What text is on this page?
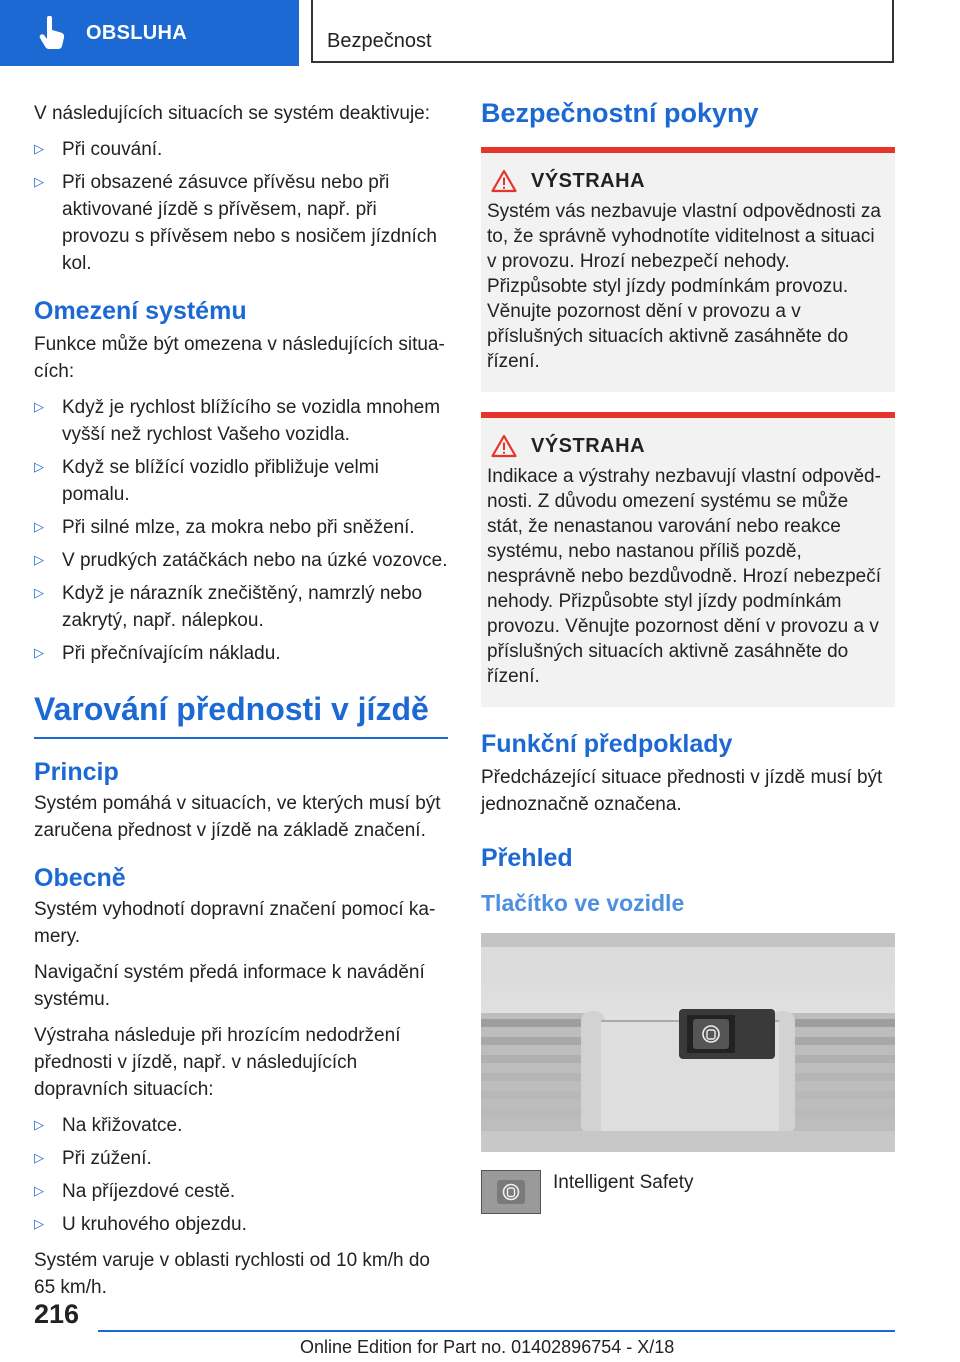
OBSLUHA	Bezpečnost

V následujících situacích se systém deaktivuje:

▷ Při couvání.
▷ Při obsazené zásuvce přívěsu nebo při aktivované jízdě s přívěsem, např. při provozu s přívěsem nebo s nosičem jízdních kol.

Omezení systému

Funkce může být omezena v následujících situacích:

▷ Když je rychlost blížícího se vozidla mnohem vyšší než rychlost Vašeho vozidla.
▷ Když se blížící vozidlo přibližuje velmi pomalu.
▷ Při silné mlze, za mokra nebo při sněžení.
▷ V prudkých zatáčkách nebo na úzké vozovce.
▷ Když je nárazník znečištěný, namrzlý nebo zakrytý, např. nálepkou.
▷ Při přečnívajícím nákladu.

Varování přednosti v jízdě

Princip

Systém pomáhá v situacích, ve kterých musí být zaručena přednost v jízdě na základě značení.

Obecně

Systém vyhodnotí dopravní značení pomocí kamery.

Navigační systém předá informace k navádění systému.

Výstraha následuje při hrozícím nedodržení přednosti v jízdě, např. v následujících dopravních situacích:

▷ Na křižovatce.
▷ Při zúžení.
▷ Na příjezdové cestě.
▷ U kruhového objezdu.

Systém varuje v oblasti rychlosti od 10 km/h do 65 km/h.

Bezpečnostní pokyny

VÝSTRAHA

Systém vás nezbavuje vlastní odpovědnosti za to, že správně vyhodnotíte viditelnost a situaci v provozu. Hrozí nebezpečí nehody. Přizpůsobte styl jízdy podmínkám provozu. Věnujte pozornost dění v provozu a v příslušných situacích aktivně zasáhněte do řízení.

VÝSTRAHA

Indikace a výstrahy nezbavují vlastní odpovědnosti. Z důvodu omezení systému se může stát, že nenastanou varování nebo reakce systému, nebo nastanou příliš pozdě, nesprávně nebo bezdůvodně. Hrozí nebezpečí nehody. Přizpůsobte styl jízdy podmínkám provozu. Věnujte pozornost dění v provozu a v příslušných situacích aktivně zasáhněte do řízení.

Funkční předpoklady

Předcházející situace přednosti v jízdě musí být jednoznačně označena.

Přehled

Tlačítko ve vozidle

Intelligent Safety
216
Online Edition for Part no. 01402896754 - X/18
